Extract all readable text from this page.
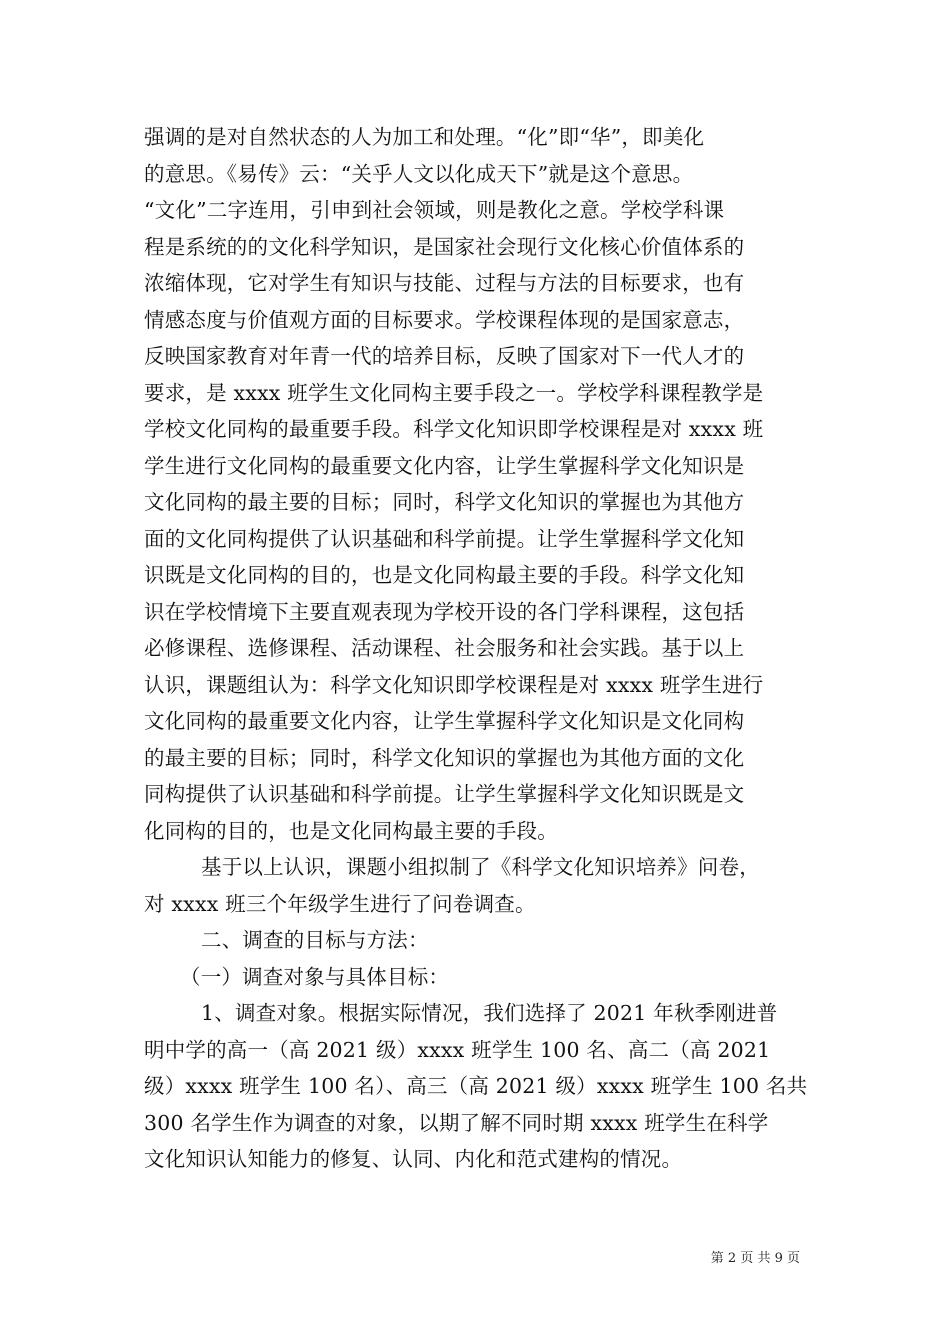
强调的是对自然状态的人为加工和处理。“化”即“华”，即美化
的意思。《易传》云：“关乎人文以化成天下”就是这个意思。
“文化”二字连用，引申到社会领域，则是教化之意。学校学科课
程是系统的的文化科学知识，是国家社会现行文化核心价值体系的
浓缩体现，它对学生有知识与技能、过程与方法的目标要求，也有
情感态度与价值观方面的目标要求。学校课程体现的是国家意志，
反映国家教育对年青一代的培养目标，反映了国家对下一代人才的
要求，是 xxxx 班学生文化同构主要手段之一。学校学科课程教学是
学校文化同构的最重要手段。科学文化知识即学校课程是对 xxxx 班
学生进行文化同构的最重要文化内容，让学生掌握科学文化知识是
文化同构的最主要的目标；同时，科学文化知识的掌握也为其他方
面的文化同构提供了认识基础和科学前提。让学生掌握科学文化知
识既是文化同构的目的，也是文化同构最主要的手段。科学文化知
识在学校情境下主要直观表现为学校开设的各门学科课程，这包括
必修课程、选修课程、活动课程、社会服务和社会实践。基于以上
认识，课题组认为：科学文化知识即学校课程是对 xxxx 班学生进行
文化同构的最重要文化内容，让学生掌握科学文化知识是文化同构
的最主要的目标；同时，科学文化知识的掌握也为其他方面的文化
同构提供了认识基础和科学前提。让学生掌握科学文化知识既是文
化同构的目的，也是文化同构最主要的手段。
基于以上认识，课题小组拟制了《科学文化知识培养》问卷，
对 xxxx 班三个年级学生进行了问卷调查。
二、调查的目标与方法：
（一）调查对象与具体目标：
1、调查对象。根据实际情况，我们选择了 2021 年秋季刚进普
明中学的高一（高 2021 级）xxxx 班学生 100 名、高二（高 2021
级）xxxx 班学生 100 名）、高三（高 2021 级）xxxx 班学生 100 名共
300 名学生作为调查的对象，以期了解不同时期 xxxx 班学生在科学
文化知识认知能力的修复、认同、内化和范式建构的情况。
第 2 页 共 9 页
